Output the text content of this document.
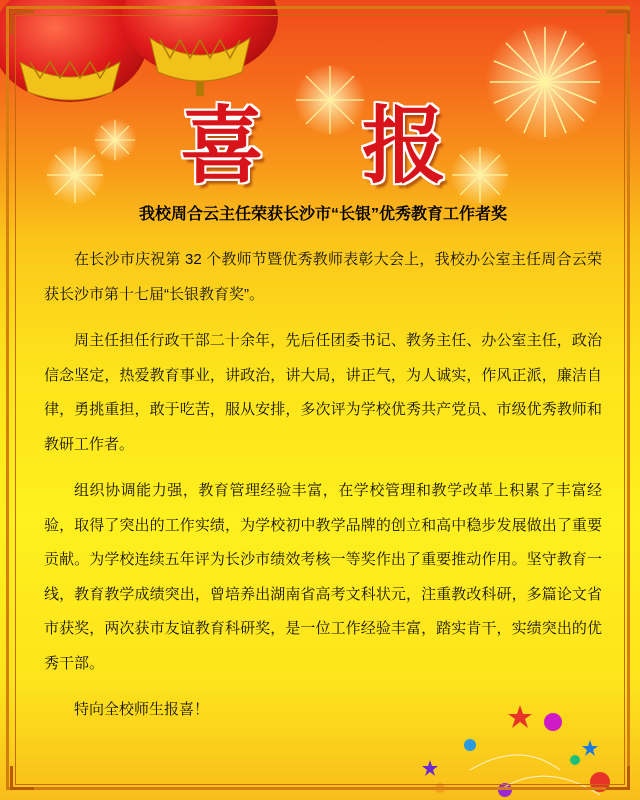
喜 报
我校周合云主任荣获长沙市“长银”优秀教育工作者奖

在长沙市庆祝第 32 个教师节暨优秀教师表彰大会上，我校办公室主任周合云荣获长沙市第十七届“长银教育奖”。

周主任担任行政干部二十余年，先后任团委书记、教务主任、办公室主任，政治信念坚定，热爱教育事业，讲政治，讲大局，讲正气，为人诚实，作风正派，廉洁自律，勇挑重担，敢于吃苦，服从安排，多次评为学校优秀共产党员、市级优秀教师和教研工作者。

组织协调能力强，教育管理经验丰富，在学校管理和教学改革上积累了丰富经验，取得了突出的工作实绩，为学校初中教学品牌的创立和高中稳步发展做出了重要贡献。为学校连续五年评为长沙市绩效考核一等奖作出了重要推动作用。坚守教育一线，教育教学成绩突出，曾培养出湖南省高考文科状元，注重教改科研，多篇论文省市获奖，两次获市友谊教育科研奖，是一位工作经验丰富，踏实肯干，实绩突出的优秀干部。

特向全校师生报喜！
